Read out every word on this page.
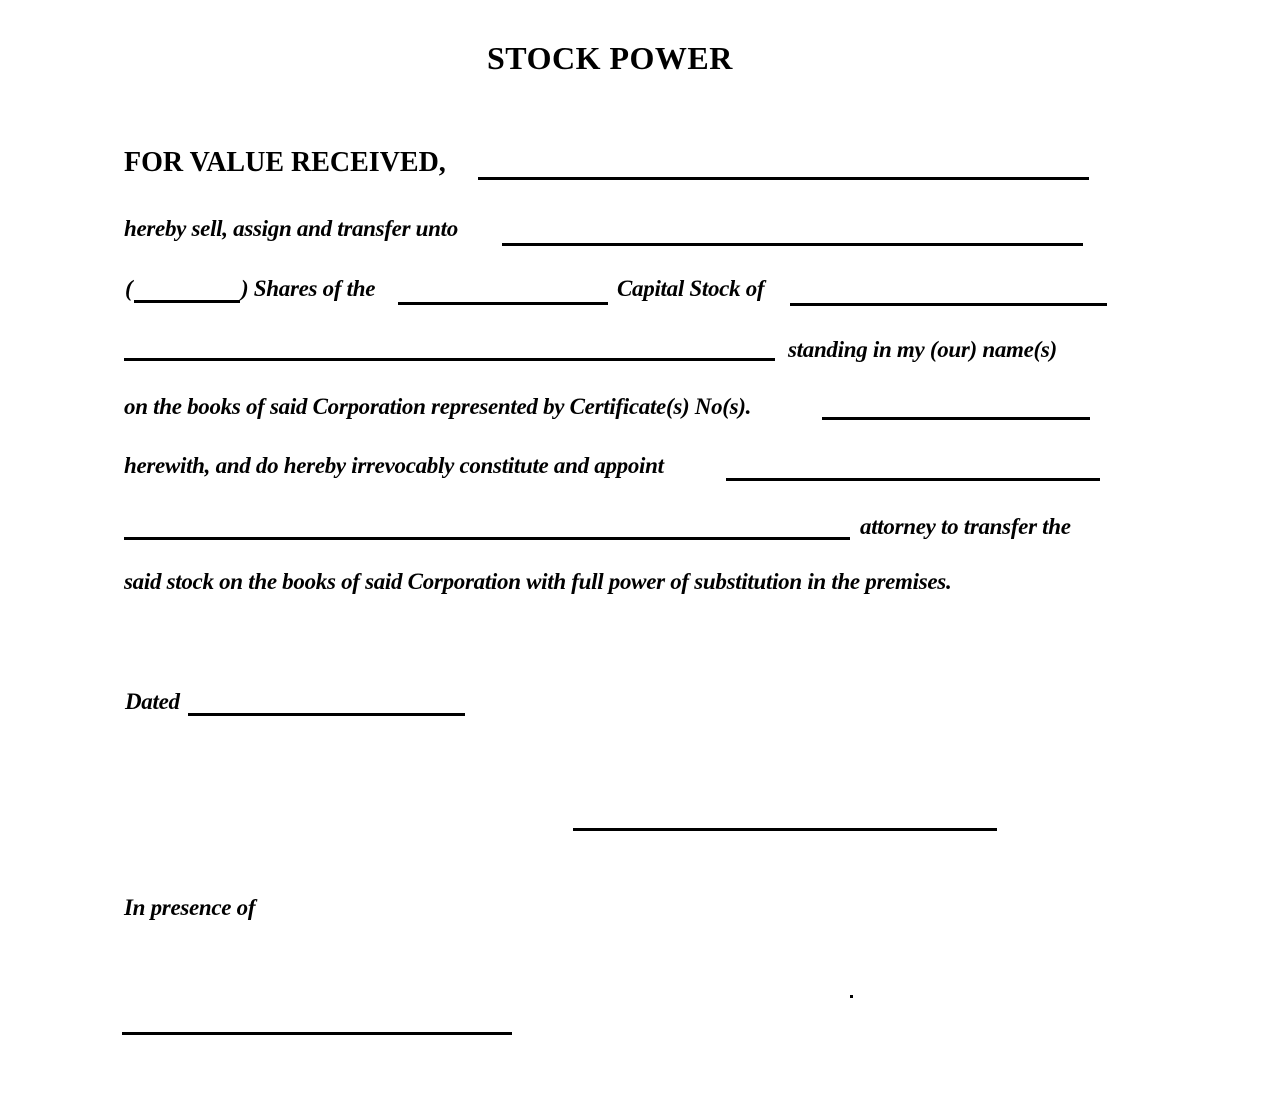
STOCK POWER
FOR VALUE RECEIVED,
hereby sell, assign and transfer unto
(	) Shares of the	Capital Stock of
standing in my (our) name(s)
on the books of said Corporation represented by Certificate(s) No(s).
herewith, and do hereby irrevocably constitute and appoint
attorney to transfer the
said stock on the books of said Corporation with full power of substitution in the premises.
Dated
In presence of
